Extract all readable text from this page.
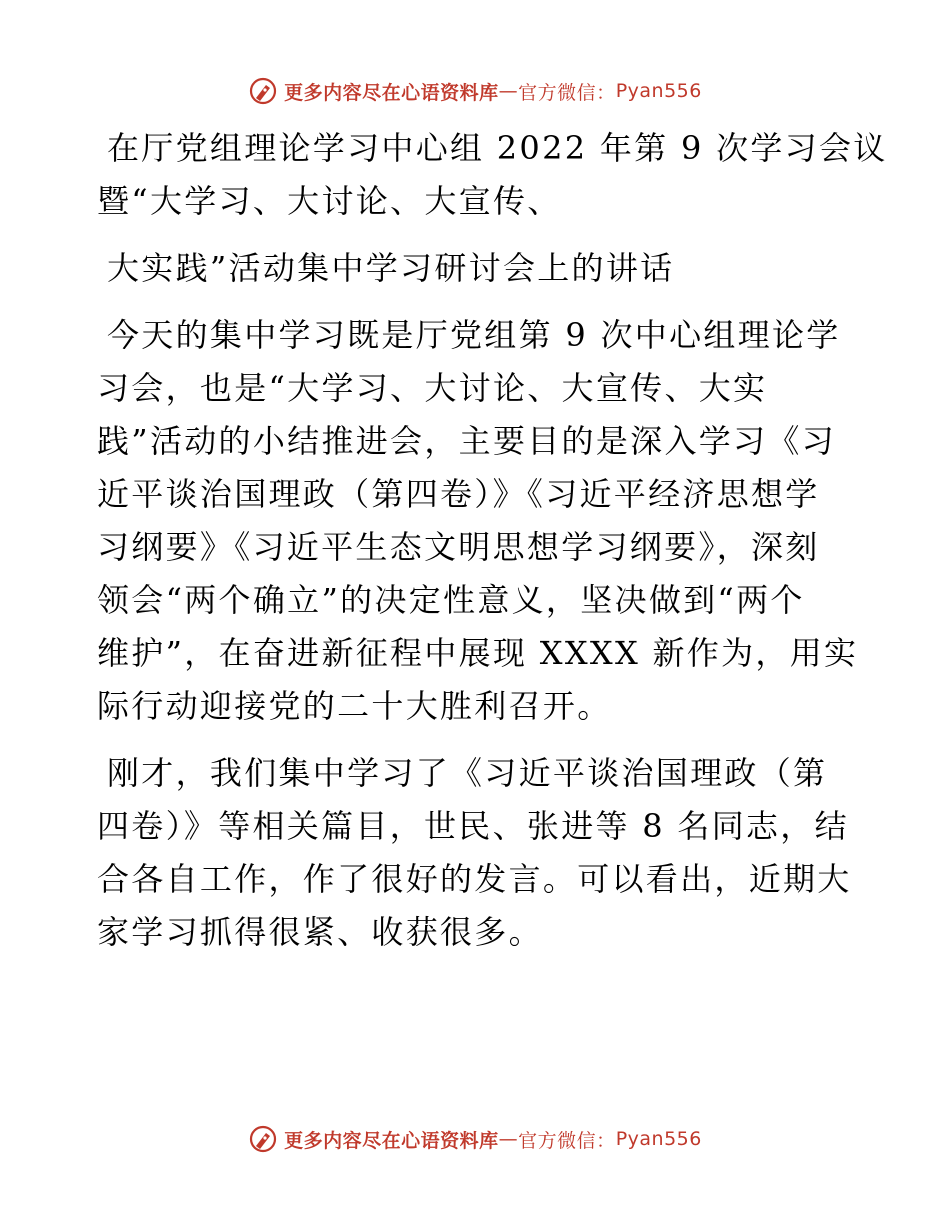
更多内容尽在心语资料库 — 官方微信： Pyan556
在厅党组理论学习中心组 2022 年第 9 次学习会议
暨“大学习、大讨论、大宣传、
大实践”活动集中学习研讨会上的讲话
今天的集中学习既是厅党组第 9 次中心组理论学
习会，也是“大学习、大讨论、大宣传、大实
践”活动的小结推进会，主要目的是深入学习《习
近平谈治国理政（第四卷）》《习近平经济思想学
习纲要》《习近平生态文明思想学习纲要》，深刻
领会“两个确立”的决定性意义，坚决做到“两个
维护”，在奋进新征程中展现 XXXX 新作为，用实
际行动迎接党的二十大胜利召开。
刚才，我们集中学习了《习近平谈治国理政（第
四卷）》等相关篇目，世民、张进等 8 名同志，结
合各自工作，作了很好的发言。可以看出，近期大
家学习抓得很紧、收获很多。
更多内容尽在心语资料库 — 官方微信： Pyan556
